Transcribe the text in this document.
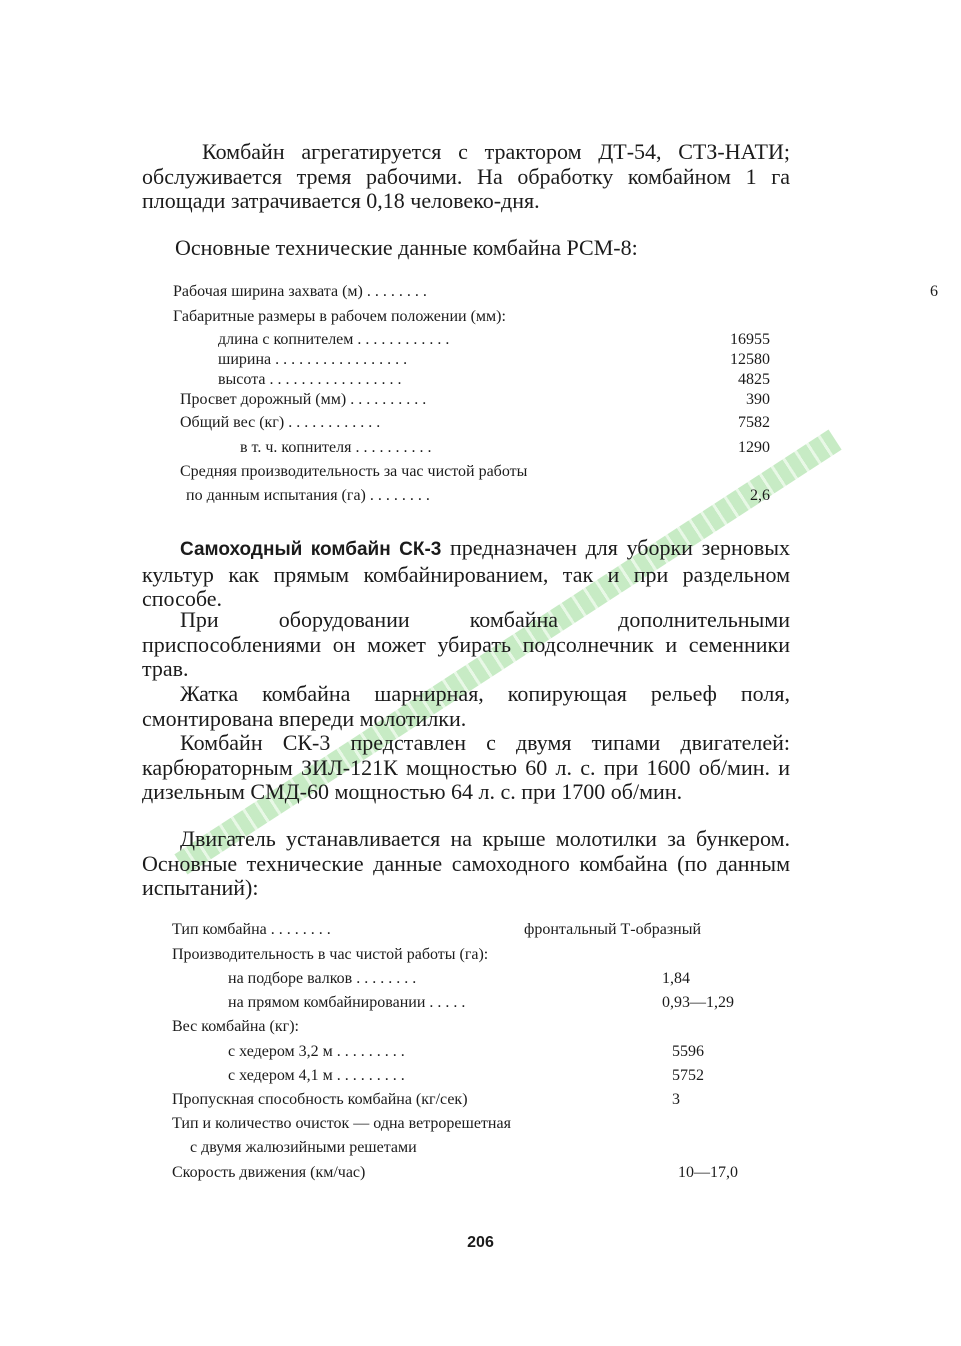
Комбайн агрегатируется с трактором ДТ-54, СТЗ-НАТИ; обслуживается тремя рабочими. На обработку комбайном 1 га площади затрачивается 0,18 человеко-дня.

Основные технические данные комбайна РСМ-8:

Рабочая ширина захвата (м) . . . . . . . .	6
Габаритные размеры в рабочем положении (мм):
длина с копнителем . . . . . . . . . . . .	16955
ширина . . . . . . . . . . . . . . . . .	12580
высота . . . . . . . . . . . . . . . . .	4825
Просвет дорожный (мм) . . . . . . . . . .	390
Общий вес (кг) . . . . . . . . . . . .	7582
в т. ч. копнителя . . . . . . . . . .	1290
Средняя производительность за час чистой работы
по данным испытания (га) . . . . . . . .	2,6

Самоходный комбайн СК-3 предназначен для уборки зерновых культур как прямым комбайнированием, так и при раздельном способе.

При оборудовании комбайна дополнительными приспособлениями он может убирать подсолнечник и семенники трав.

Жатка комбайна шарнирная, копирующая рельеф поля, смонтирована впереди молотилки.

Комбайн СК-3 представлен с двумя типами двигателей: карбюраторным ЗИЛ-121К мощностью 60 л. с. при 1600 об/мин. и дизельным СМД-60 мощностью 64 л. с. при 1700 об/мин.

Двигатель устанавливается на крыше молотилки за бункером. Основные технические данные самоходного комбайна (по данным испытаний):

Тип комбайна . . . . . . . .	фронтальный Т-образный
Производительность в час чистой работы (га):
на подборе валков . . . . . . . .	1,84
на прямом комбайнировании . . . . .	0,93—1,29
Вес комбайна (кг):
с хедером 3,2 м . . . . . . . . .	5596
с хедером 4,1 м . . . . . . . . .	5752
Пропускная способность комбайна (кг/сек)	3
Тип и количество очисток — одна ветрорешетная
с двумя жалюзийными решетами
Скорость движения (км/час)	10—17,0
206
